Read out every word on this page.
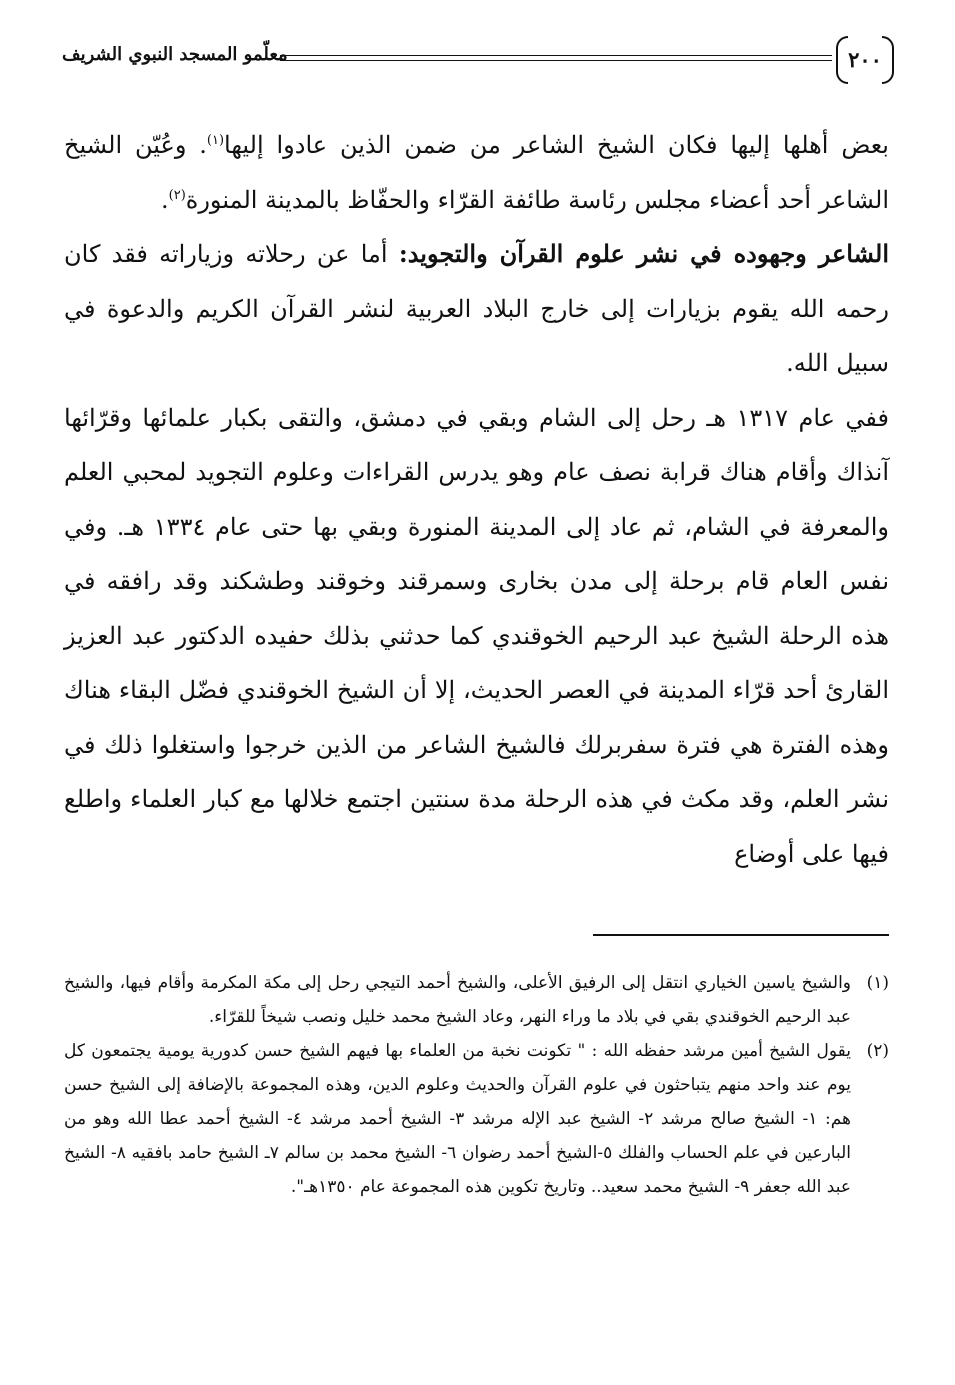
٢٠٠
معلّمو المسجد النبوي الشريف

بعض أهلها إليها فكان الشيخ الشاعر من ضمن الذين عادوا إليها$^{(١)}$. وعُيّن الشيخ الشاعر أحد أعضاء مجلس رئاسة طائفة القرّاء والحفّاظ بالمدينة المنورة$^{(٢)}$.

الشاعر وجهوده في نشر علوم القرآن والتجويد: أما عن رحلاته وزياراته فقد كان رحمه الله يقوم بزيارات إلى خارج البلاد العربية لنشر القرآن الكريم والدعوة في سبيل الله.

ففي عام ١٣١٧ هـ رحل إلى الشام وبقي في دمشق، والتقى بكبار علمائها وقرّائها آنذاك وأقام هناك قرابة نصف عام وهو يدرس القراءات وعلوم التجويد لمحبي العلم والمعرفة في الشام، ثم عاد إلى المدينة المنورة وبقي بها حتى عام ١٣٣٤ هـ. وفي نفس العام قام برحلة إلى مدن بخارى وسمرقند وخوقند وطشكند وقد رافقه في هذه الرحلة الشيخ عبد الرحيم الخوقندي كما حدثني بذلك حفيده الدكتور عبد العزيز القارئ أحد قرّاء المدينة في العصر الحديث، إلا أن الشيخ الخوقندي فضّل البقاء هناك وهذه الفترة هي فترة سفربرلك فالشيخ الشاعر من الذين خرجوا واستغلوا ذلك في نشر العلم، وقد مكث في هذه الرحلة مدة سنتين اجتمع خلالها مع كبار العلماء واطلع فيها على أوضاع

(١)
والشيخ ياسين الخياري انتقل إلى الرفيق الأعلى، والشيخ أحمد التيجي رحل إلى مكة المكرمة وأقام فيها، والشيخ عبد الرحيم الخوقندي بقي في بلاد ما وراء النهر، وعاد الشيخ محمد خليل ونصب شيخاً للقرّاء.

(٢)
يقول الشيخ أمين مرشد حفظه الله : " تكونت نخبة من العلماء بها فيهم الشيخ حسن كدورية يومية يجتمعون كل يوم عند واحد منهم يتباحثون في علوم القرآن والحديث وعلوم الدين، وهذه المجموعة بالإضافة إلى الشيخ حسن هم: ١- الشيخ صالح مرشد ٢- الشيخ عبد الإله مرشد ٣- الشيخ أحمد مرشد ٤- الشيخ أحمد عطا الله وهو من البارعين في علم الحساب والفلك ٥-الشيخ أحمد رضوان ٦- الشيخ محمد بن سالم ٧ـ الشيخ حامد بافقيه ٨- الشيخ عبد الله جعفر ٩- الشيخ محمد سعيد.. وتاريخ تكوين هذه المجموعة عام ١٣٥٠هـ".
